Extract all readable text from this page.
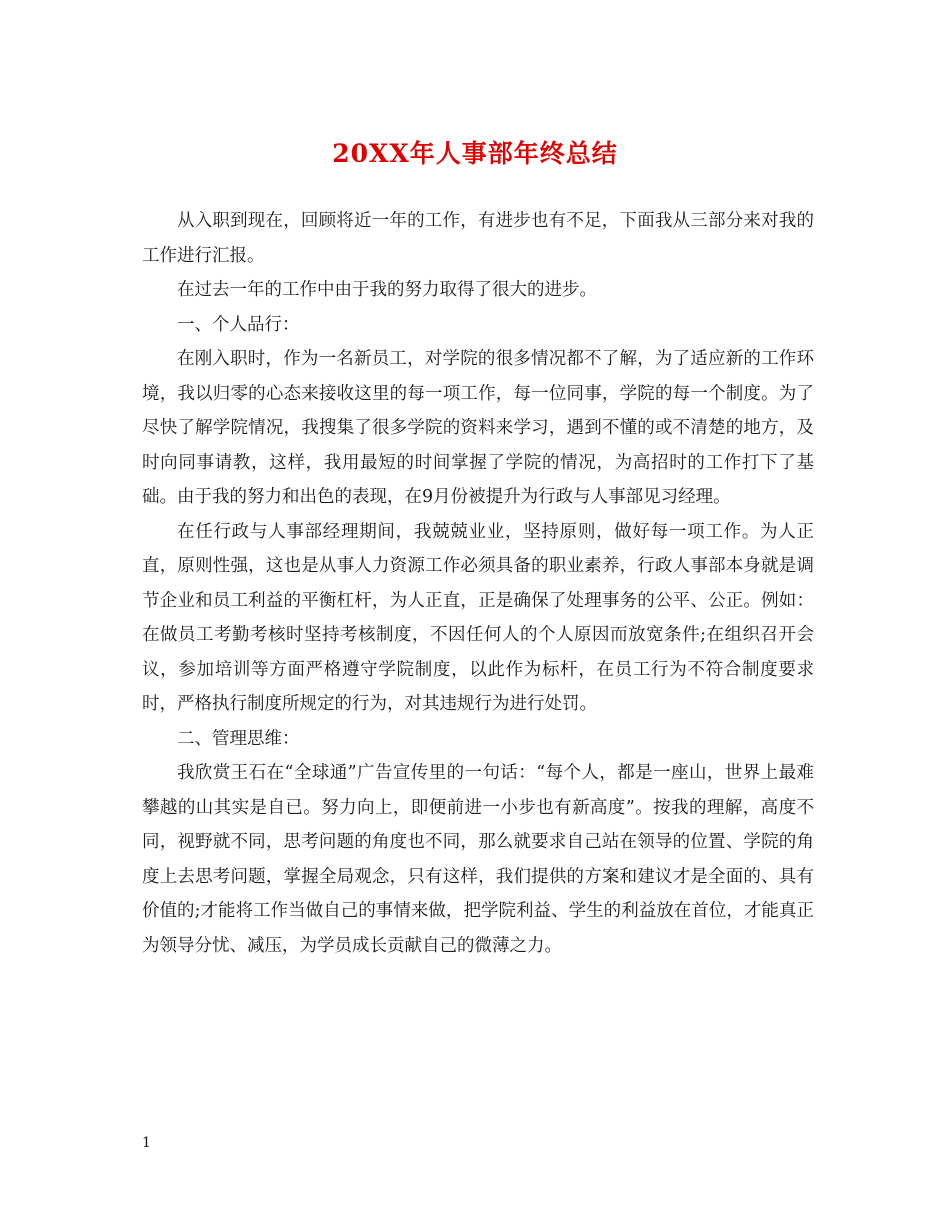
20XX年人事部年终总结

从入职到现在，回顾将近一年的工作，有进步也有不足，下面我从三部分来对我的工作进行汇报。

在过去一年的工作中由于我的努力取得了很大的进步。

一、个人品行：

在刚入职时，作为一名新员工，对学院的很多情况都不了解，为了适应新的工作环境，我以归零的心态来接收这里的每一项工作，每一位同事，学院的每一个制度。为了尽快了解学院情况，我搜集了很多学院的资料来学习，遇到不懂的或不清楚的地方，及时向同事请教，这样，我用最短的时间掌握了学院的情况，为高招时的工作打下了基础。由于我的努力和出色的表现，在9月份被提升为行政与人事部见习经理。

在任行政与人事部经理期间，我兢兢业业，坚持原则，做好每一项工作。为人正直，原则性强，这也是从事人力资源工作必须具备的职业素养，行政人事部本身就是调节企业和员工利益的平衡杠杆，为人正直，正是确保了处理事务的公平、公正。例如：在做员工考勤考核时坚持考核制度，不因任何人的个人原因而放宽条件;在组织召开会议，参加培训等方面严格遵守学院制度，以此作为标杆，在员工行为不符合制度要求时，严格执行制度所规定的行为，对其违规行为进行处罚。

二、管理思维：

我欣赏王石在“全球通”广告宣传里的一句话：“每个人，都是一座山，世界上最难攀越的山其实是自已。努力向上，即便前进一小步也有新高度”。按我的理解，高度不同，视野就不同，思考问题的角度也不同，那么就要求自己站在领导的位置、学院的角度上去思考问题，掌握全局观念，只有这样，我们提供的方案和建议才是全面的、具有价值的;才能将工作当做自己的事情来做，把学院利益、学生的利益放在首位，才能真正为领导分忧、减压，为学员成长贡献自己的微薄之力。

1
